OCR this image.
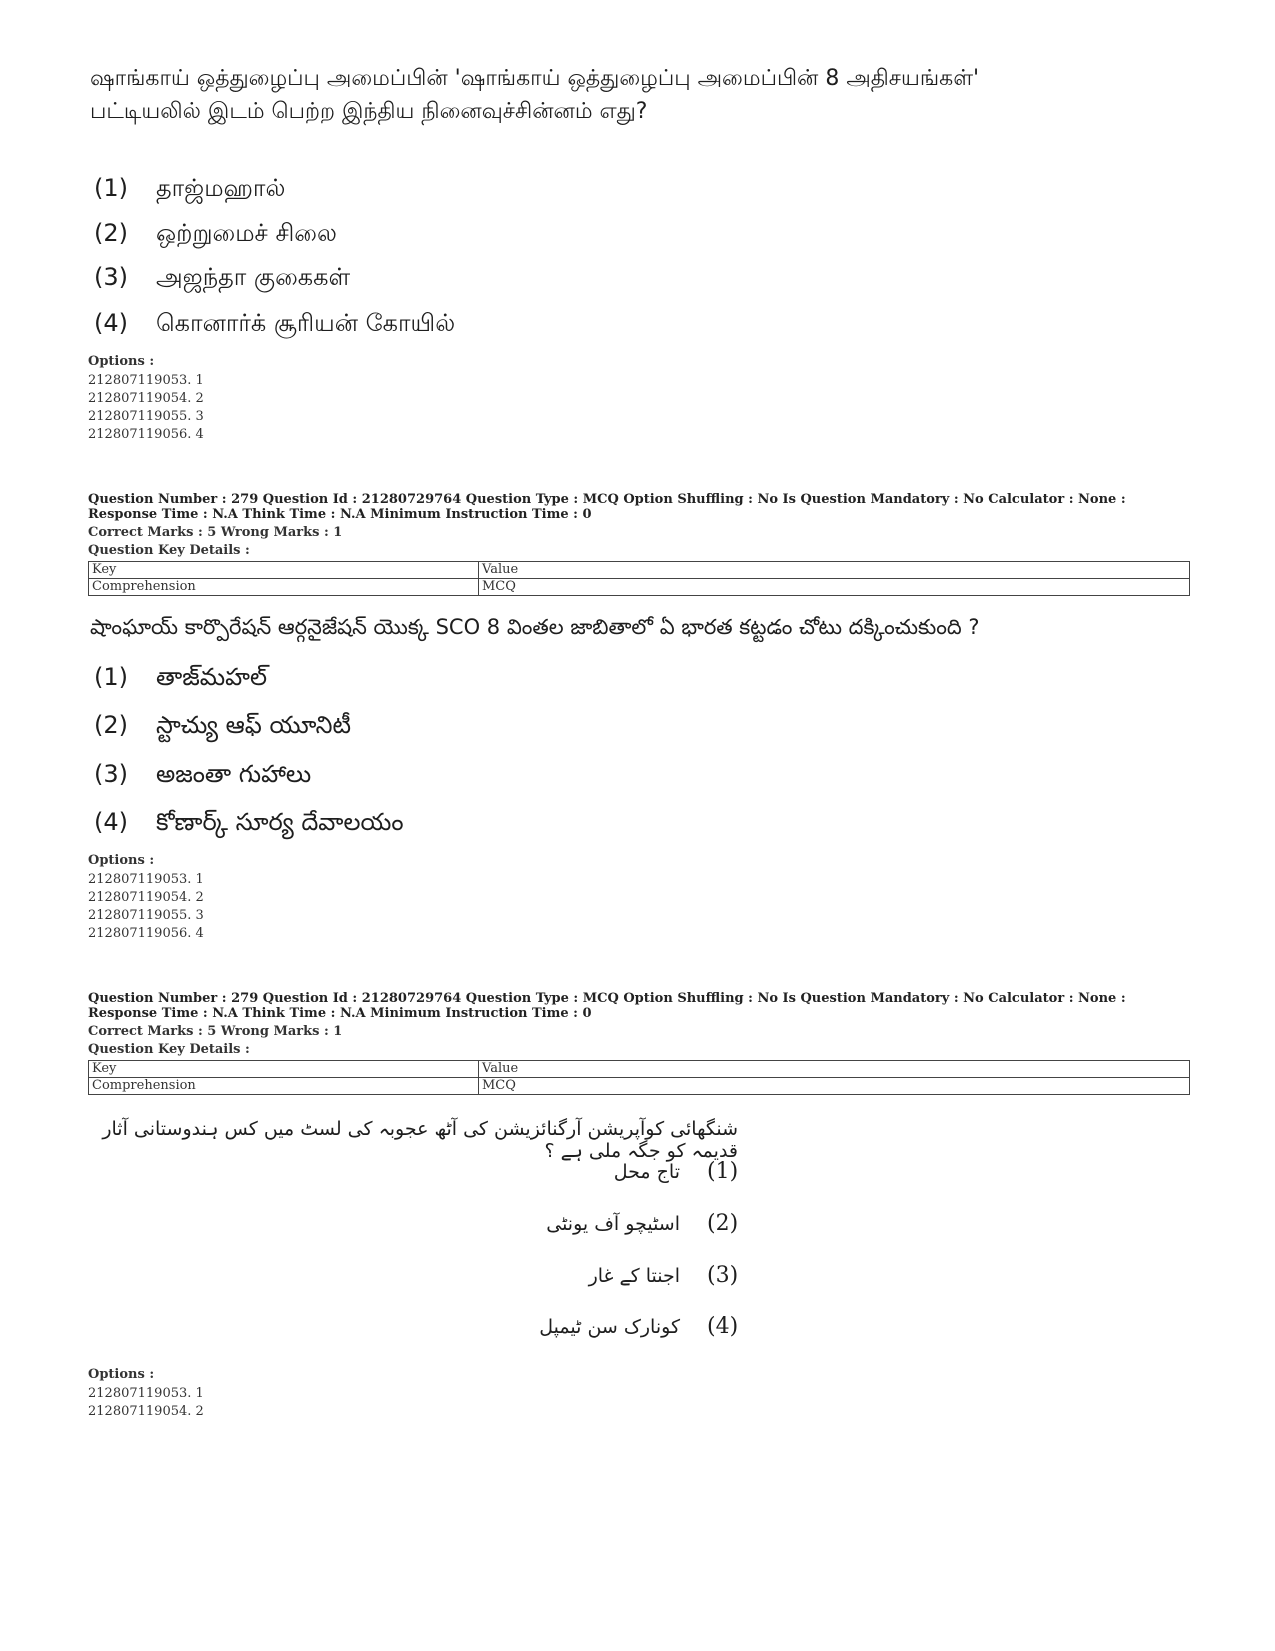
ஷாங்காய் ஒத்துழைப்பு அமைப்பின் 'ஷாங்காய் ஒத்துழைப்பு அமைப்பின் 8 அதிசயங்கள்' பட்டியலில் இடம் பெற்ற இந்திய நினைவுச்சின்னம் எது?
(1) தாஜ்மஹால்
(2) ஒற்றுமைச் சிலை
(3) அஜந்தா குகைகள்
(4) கொனார்க் சூரியன் கோயில்
Options :
212807119053. 1
212807119054. 2
212807119055. 3
212807119056. 4
Question Number : 279 Question Id : 21280729764 Question Type : MCQ Option Shuffling : No Is Question Mandatory : No Calculator : None : Response Time : N.A Think Time : N.A Minimum Instruction Time : 0
Correct Marks : 5 Wrong Marks : 1
Question Key Details :
Key	Value
Comprehension	MCQ
షాంఘాయ్ కార్పొరేషన్ ఆర్గనైజేషన్ యొక్క SCO 8 వింతల జాబితాలో ఏ భారత కట్టడం చోటు దక్కించుకుంది ?
(1) తాజ్‌మహల్
(2) స్టాచ్యు ఆఫ్ యూనిటీ
(3) అజంతా గుహాలు
(4) కోణార్క్ సూర్య దేవాలయం
Options :
212807119053. 1
212807119054. 2
212807119055. 3
212807119056. 4
Question Number : 279 Question Id : 21280729764 Question Type : MCQ Option Shuffling : No Is Question Mandatory : No Calculator : None : Response Time : N.A Think Time : N.A Minimum Instruction Time : 0
Correct Marks : 5 Wrong Marks : 1
Question Key Details :
Key	Value
Comprehension	MCQ
شنگھائی کوآپریشن آرگنائزیشن کی آٹھ عجوبہ کی لسٹ میں کس ہندوستانی آثار قدیمہ کو جگہ ملی ہے ؟
تاج محل (1)
اسٹیچو آف یونٹی (2)
اجنتا کے غار (3)
کونارک سن ٹیمپل (4)
Options :
212807119053. 1
212807119054. 2
